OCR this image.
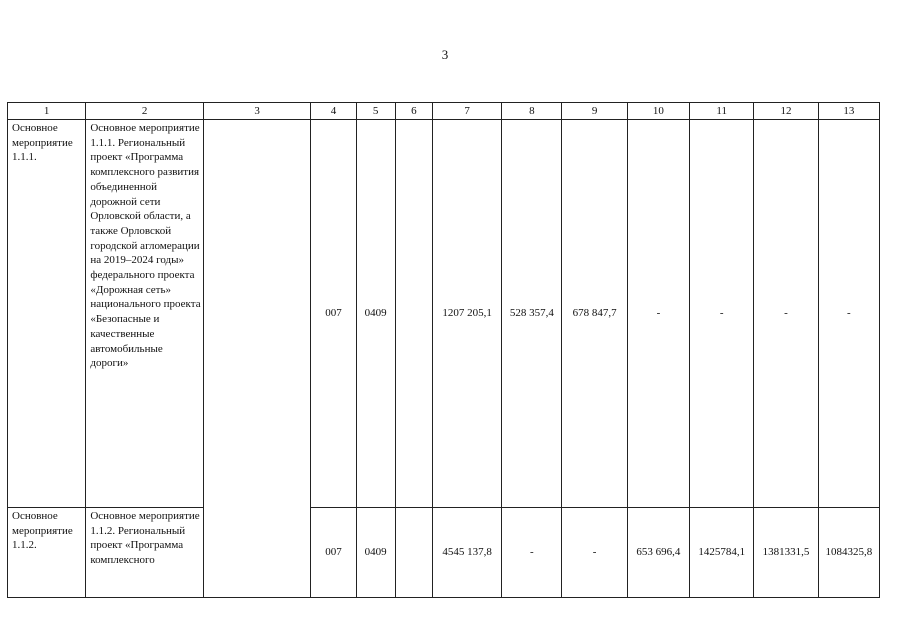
3
1	2	3	4	5	6	7	8	9	10	11	12	13
Основное мероприятие 1.1.1.	Основное мероприятие 1.1.1. Региональный проект «Программа комплексного развития объединенной дорожной сети Орловской области, а также Орловской городской агломерации на 2019–2024 годы» федерального проекта «Дорожная сеть» национального проекта «Безопасные и качественные автомобильные дороги»		007	0409		1207 205,1	528 357,4	678 847,7	-	-	-	-
Основное мероприятие 1.1.2.	Основное мероприятие 1.1.2. Региональный проект «Программа комплексного		007	0409		4545 137,8	-	-	653 696,4	1425784,1	1381331,5	1084325,8
